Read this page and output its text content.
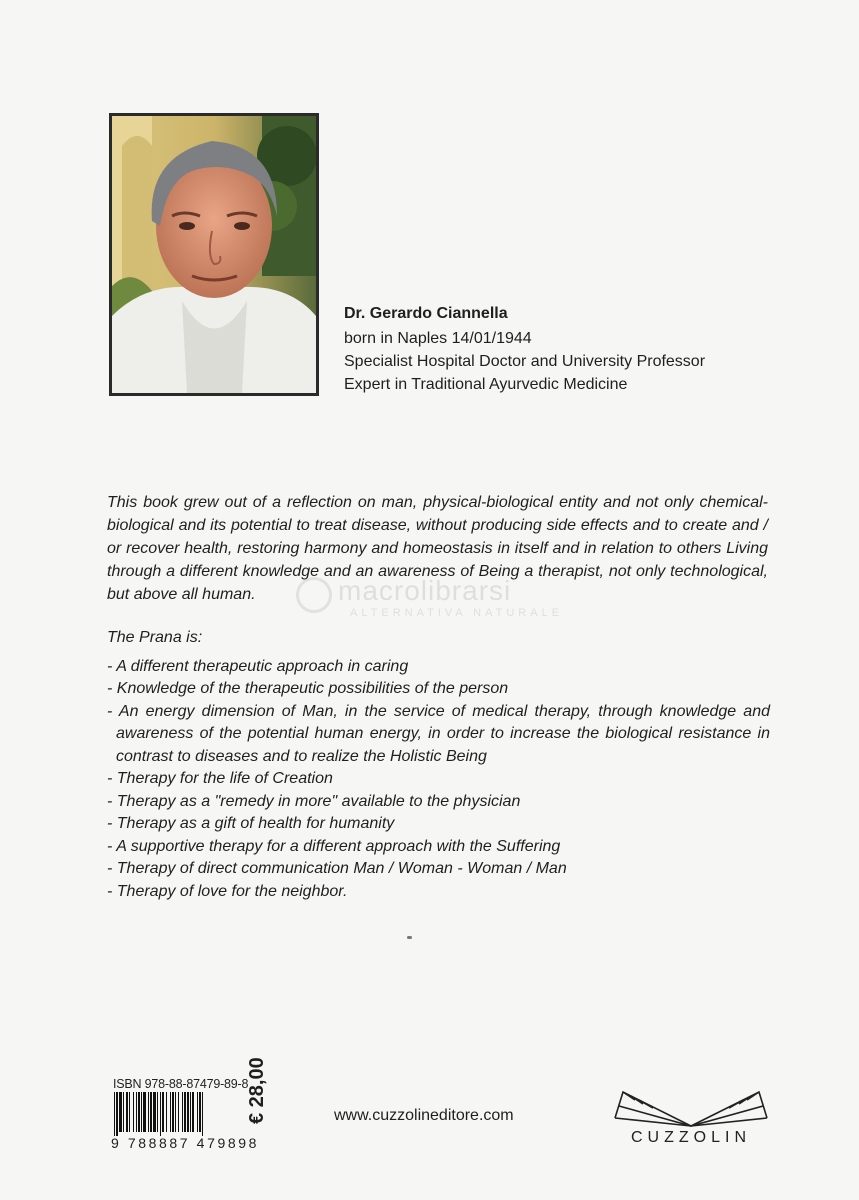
Dr. Gerardo Ciannella

born in Naples 14/01/1944

Specialist Hospital Doctor and University Professor

Expert in Traditional Ayurvedic Medicine

This book grew out of a reflection on man, physical-biological entity and not only chemical-biological and its potential to treat disease, without producing side effects and to create and / or recover health, restoring harmony and homeostasis in itself and in relation to others Living through a different knowledge and an awareness of Being a therapist, not only technological, but above all human.	macrolibrarsi
ALTERNATIVA NATURALE

The Prana is:

- A different therapeutic approach in caring
- Knowledge of the therapeutic possibilities of the person
- An energy dimension of Man, in the service of medical therapy, through knowledge and awareness of the potential human energy, in order to increase the biological resistance in contrast to diseases and to realize the Holistic Being
- Therapy for the life of Creation
- Therapy as a "remedy in more" available to the physician
- Therapy as a gift of health for humanity
- A supportive therapy for a different approach with the Suffering
- Therapy of direct communication Man / Woman - Woman / Man
- Therapy of love for the neighbor.
ISBN 978-88-87479-89-8
9 788887 479898
€ 28,00	www.cuzzolineditore.com
CUZZOLIN
